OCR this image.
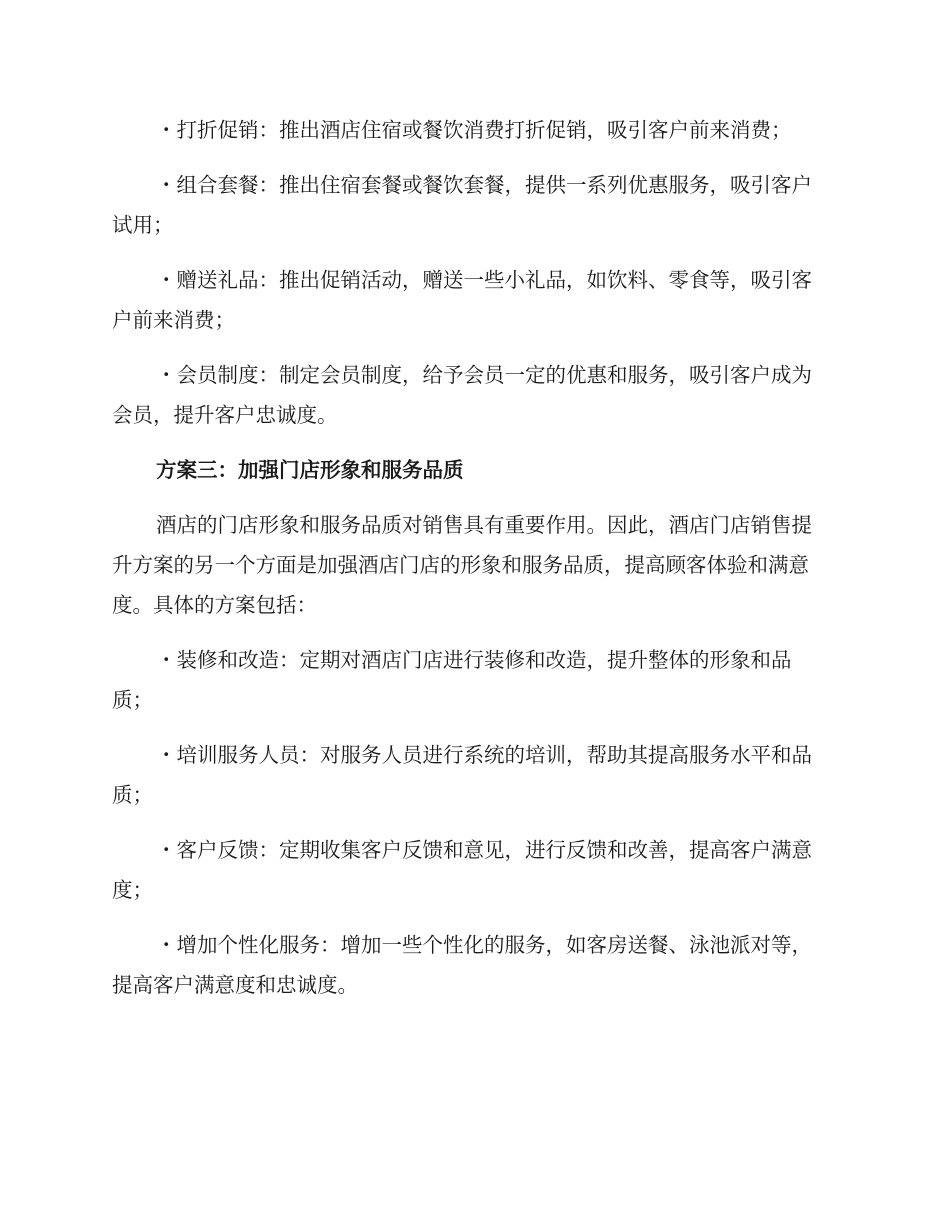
・打折促销：推出酒店住宿或餐饮消费打折促销，吸引客户前来消费；

・组合套餐：推出住宿套餐或餐饮套餐，提供一系列优惠服务，吸引客户试用；

・赠送礼品：推出促销活动，赠送一些小礼品，如饮料、零食等，吸引客户前来消费；

・会员制度：制定会员制度，给予会员一定的优惠和服务，吸引客户成为会员，提升客户忠诚度。

方案三：加强门店形象和服务品质

酒店的门店形象和服务品质对销售具有重要作用。因此，酒店门店销售提升方案的另一个方面是加强酒店门店的形象和服务品质，提高顾客体验和满意度。具体的方案包括：

・装修和改造：定期对酒店门店进行装修和改造，提升整体的形象和品质；

・培训服务人员：对服务人员进行系统的培训，帮助其提高服务水平和品质；

・客户反馈：定期收集客户反馈和意见，进行反馈和改善，提高客户满意度；

・增加个性化服务：增加一些个性化的服务，如客房送餐、泳池派对等，提高客户满意度和忠诚度。
